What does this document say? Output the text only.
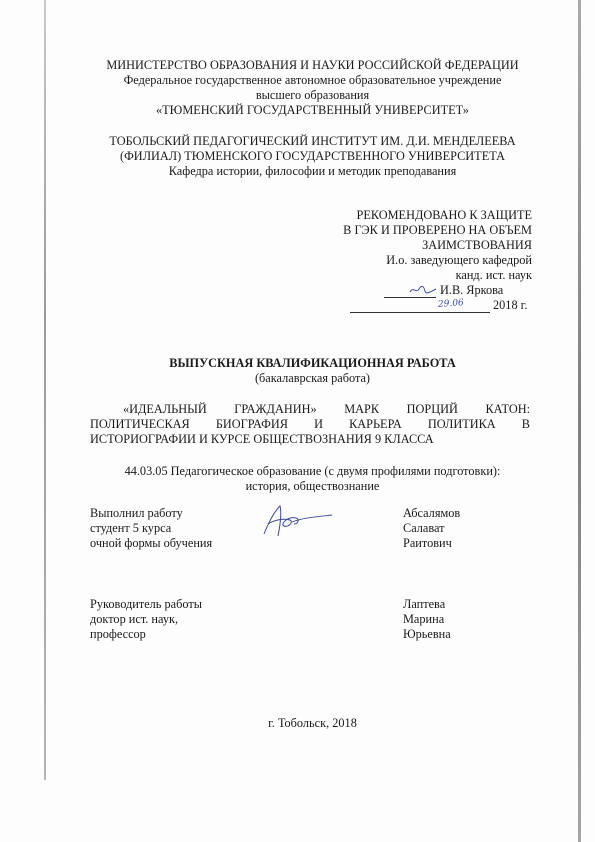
МИНИСТЕРСТВО ОБРАЗОВАНИЯ И НАУКИ РОССИЙСКОЙ ФЕДЕРАЦИИ
Федеральное государственное автономное образовательное учреждение
высшего образования
«ТЮМЕНСКИЙ ГОСУДАРСТВЕННЫЙ УНИВЕРСИТЕТ»
ТОБОЛЬСКИЙ ПЕДАГОГИЧЕСКИЙ ИНСТИТУТ ИМ. Д.И. МЕНДЕЛЕЕВА
(ФИЛИАЛ) ТЮМЕНСКОГО ГОСУДАРСТВЕННОГО УНИВЕРСИТЕТА
Кафедра истории, философии и методик преподавания
РЕКОМЕНДОВАНО К ЗАЩИТЕ
В ГЭК И ПРОВЕРЕНО НА ОБЪЕМ
ЗАИМСТВОВАНИЯ
И.о. заведующего кафедрой
канд. ист. наук
И.В. Яркова
29.06 2018 г.
ВЫПУСКНАЯ КВАЛИФИКАЦИОННАЯ РАБОТА
(бакалаврская работа)
«ИДЕАЛЬНЫЙ ГРАЖДАНИН» МАРК ПОРЦИЙ КАТОН:
ПОЛИТИЧЕСКАЯ БИОГРАФИЯ И КАРЬЕРА ПОЛИТИКА В
ИСТОРИОГРАФИИ И КУРСЕ ОБЩЕСТВОЗНАНИЯ 9 КЛАССА
44.03.05 Педагогическое образование (с двумя профилями подготовки):
история, обществознание
Выполнил работу
студент 5 курса
очной формы обучения
Абсалямов
Салават
Раитович
Руководитель работы
доктор ист. наук,
профессор
Лаптева
Марина
Юрьевна
г. Тобольск, 2018
